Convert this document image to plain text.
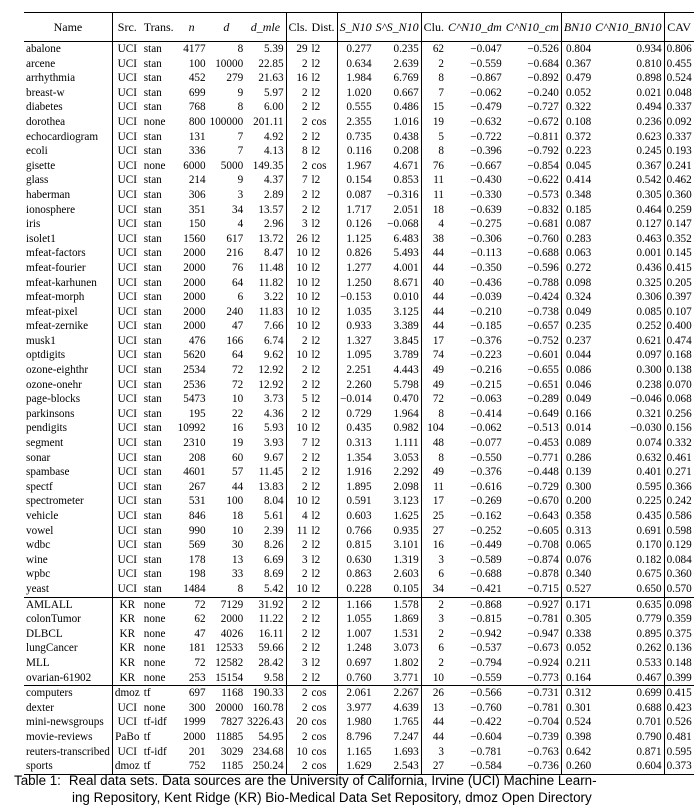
Name	Src.	Trans.	n	d	d_mle	Cls.	Dist.	S_N10	S^S_N10	Clu.	C^N10_dm	C^N10_cm	BN10	C^N10_BN10	CAV
abalone	UCI	stan	4177	8	5.39	29	l2	0.277	0.235	62	−0.047	−0.526	0.804	0.934	0.806
arcene	UCI	stan	100	10000	22.85	2	l2	0.634	2.639	2	−0.559	−0.684	0.367	0.810	0.455
arrhythmia	UCI	stan	452	279	21.63	16	l2	1.984	6.769	8	−0.867	−0.892	0.479	0.898	0.524
breast-w	UCI	stan	699	9	5.97	2	l2	1.020	0.667	7	−0.062	−0.240	0.052	0.021	0.048
diabetes	UCI	stan	768	8	6.00	2	l2	0.555	0.486	15	−0.479	−0.727	0.322	0.494	0.337
dorothea	UCI	none	800	100000	201.11	2	cos	2.355	1.016	19	−0.632	−0.672	0.108	0.236	0.092
echocardiogram	UCI	stan	131	7	4.92	2	l2	0.735	0.438	5	−0.722	−0.811	0.372	0.623	0.337
ecoli	UCI	stan	336	7	4.13	8	l2	0.116	0.208	8	−0.396	−0.792	0.223	0.245	0.193
gisette	UCI	none	6000	5000	149.35	2	cos	1.967	4.671	76	−0.667	−0.854	0.045	0.367	0.241
glass	UCI	stan	214	9	4.37	7	l2	0.154	0.853	11	−0.430	−0.622	0.414	0.542	0.462
haberman	UCI	stan	306	3	2.89	2	l2	0.087	−0.316	11	−0.330	−0.573	0.348	0.305	0.360
ionosphere	UCI	stan	351	34	13.57	2	l2	1.717	2.051	18	−0.639	−0.832	0.185	0.464	0.259
iris	UCI	stan	150	4	2.96	3	l2	0.126	−0.068	4	−0.275	−0.681	0.087	0.127	0.147
isolet1	UCI	stan	1560	617	13.72	26	l2	1.125	6.483	38	−0.306	−0.760	0.283	0.463	0.352
mfeat-factors	UCI	stan	2000	216	8.47	10	l2	0.826	5.493	44	−0.113	−0.688	0.063	0.001	0.145
mfeat-fourier	UCI	stan	2000	76	11.48	10	l2	1.277	4.001	44	−0.350	−0.596	0.272	0.436	0.415
mfeat-karhunen	UCI	stan	2000	64	11.82	10	l2	1.250	8.671	40	−0.436	−0.788	0.098	0.325	0.205
mfeat-morph	UCI	stan	2000	6	3.22	10	l2	−0.153	0.010	44	−0.039	−0.424	0.324	0.306	0.397
mfeat-pixel	UCI	stan	2000	240	11.83	10	l2	1.035	3.125	44	−0.210	−0.738	0.049	0.085	0.107
mfeat-zernike	UCI	stan	2000	47	7.66	10	l2	0.933	3.389	44	−0.185	−0.657	0.235	0.252	0.400
musk1	UCI	stan	476	166	6.74	2	l2	1.327	3.845	17	−0.376	−0.752	0.237	0.621	0.474
optdigits	UCI	stan	5620	64	9.62	10	l2	1.095	3.789	74	−0.223	−0.601	0.044	0.097	0.168
ozone-eighthr	UCI	stan	2534	72	12.92	2	l2	2.251	4.443	49	−0.216	−0.655	0.086	0.300	0.138
ozone-onehr	UCI	stan	2536	72	12.92	2	l2	2.260	5.798	49	−0.215	−0.651	0.046	0.238	0.070
page-blocks	UCI	stan	5473	10	3.73	5	l2	−0.014	0.470	72	−0.063	−0.289	0.049	−0.046	0.068
parkinsons	UCI	stan	195	22	4.36	2	l2	0.729	1.964	8	−0.414	−0.649	0.166	0.321	0.256
pendigits	UCI	stan	10992	16	5.93	10	l2	0.435	0.982	104	−0.062	−0.513	0.014	−0.030	0.156
segment	UCI	stan	2310	19	3.93	7	l2	0.313	1.111	48	−0.077	−0.453	0.089	0.074	0.332
sonar	UCI	stan	208	60	9.67	2	l2	1.354	3.053	8	−0.550	−0.771	0.286	0.632	0.461
spambase	UCI	stan	4601	57	11.45	2	l2	1.916	2.292	49	−0.376	−0.448	0.139	0.401	0.271
spectf	UCI	stan	267	44	13.83	2	l2	1.895	2.098	11	−0.616	−0.729	0.300	0.595	0.366
spectrometer	UCI	stan	531	100	8.04	10	l2	0.591	3.123	17	−0.269	−0.670	0.200	0.225	0.242
vehicle	UCI	stan	846	18	5.61	4	l2	0.603	1.625	25	−0.162	−0.643	0.358	0.435	0.586
vowel	UCI	stan	990	10	2.39	11	l2	0.766	0.935	27	−0.252	−0.605	0.313	0.691	0.598
wdbc	UCI	stan	569	30	8.26	2	l2	0.815	3.101	16	−0.449	−0.708	0.065	0.170	0.129
wine	UCI	stan	178	13	6.69	3	l2	0.630	1.319	3	−0.589	−0.874	0.076	0.182	0.084
wpbc	UCI	stan	198	33	8.69	2	l2	0.863	2.603	6	−0.688	−0.878	0.340	0.675	0.360
yeast	UCI	stan	1484	8	5.42	10	l2	0.228	0.105	34	−0.421	−0.715	0.527	0.650	0.570
AMLALL	KR	none	72	7129	31.92	2	l2	1.166	1.578	2	−0.868	−0.927	0.171	0.635	0.098
colonTumor	KR	none	62	2000	11.22	2	l2	1.055	1.869	3	−0.815	−0.781	0.305	0.779	0.359
DLBCL	KR	none	47	4026	16.11	2	l2	1.007	1.531	2	−0.942	−0.947	0.338	0.895	0.375
lungCancer	KR	none	181	12533	59.66	2	l2	1.248	3.073	6	−0.537	−0.673	0.052	0.262	0.136
MLL	KR	none	72	12582	28.42	3	l2	0.697	1.802	2	−0.794	−0.924	0.211	0.533	0.148
ovarian-61902	KR	none	253	15154	9.58	2	l2	0.760	3.771	10	−0.559	−0.773	0.164	0.467	0.399
computers	dmoz	tf	697	1168	190.33	2	cos	2.061	2.267	26	−0.566	−0.731	0.312	0.699	0.415
dexter	UCI	none	300	20000	160.78	2	cos	3.977	4.639	13	−0.760	−0.781	0.301	0.688	0.423
mini-newsgroups	UCI	tf-idf	1999	7827	3226.43	20	cos	1.980	1.765	44	−0.422	−0.704	0.524	0.701	0.526
movie-reviews	PaBo	tf	2000	11885	54.95	2	cos	8.796	7.247	44	−0.604	−0.739	0.398	0.790	0.481
reuters-transcribed	UCI	tf-idf	201	3029	234.68	10	cos	1.165	1.693	3	−0.781	−0.763	0.642	0.871	0.595
sports	dmoz	tf	752	1185	250.24	2	cos	1.629	2.543	27	−0.584	−0.736	0.260	0.604	0.373
Table 1: Real data sets. Data sources are the University of California, Irvine (UCI) Machine Learn-
ing Repository, Kent Ridge (KR) Bio-Medical Data Set Repository, dmoz Open Directory
